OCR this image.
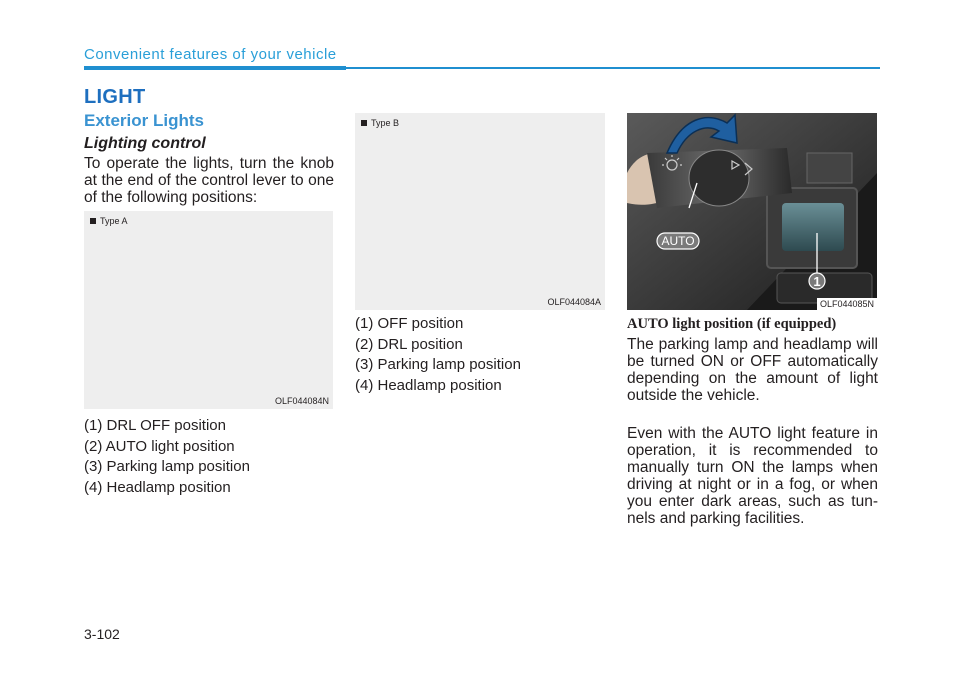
Convenient features of your vehicle
LIGHT
Exterior Lights
Lighting control
To operate the lights, turn the knob at the end of the control lever to one of the following positions:
Type A
OLF044084N
(1) DRL OFF position
(2) AUTO light position
(3) Parking lamp position
(4) Headlamp position
Type B
OLF044084A
(1) OFF position
(2) DRL position
(3) Parking lamp position
(4) Headlamp position
AUTO
1
OLF044085N
AUTO light position (if equipped)
The parking lamp and headlamp will be turned ON or OFF automatically depending on the amount of light outside the vehicle.
Even with the AUTO light feature in operation, it is recommended to manually turn ON the lamps when driving at night or in a fog, or when you enter dark areas, such as tun-nels and parking facilities.
3-102
